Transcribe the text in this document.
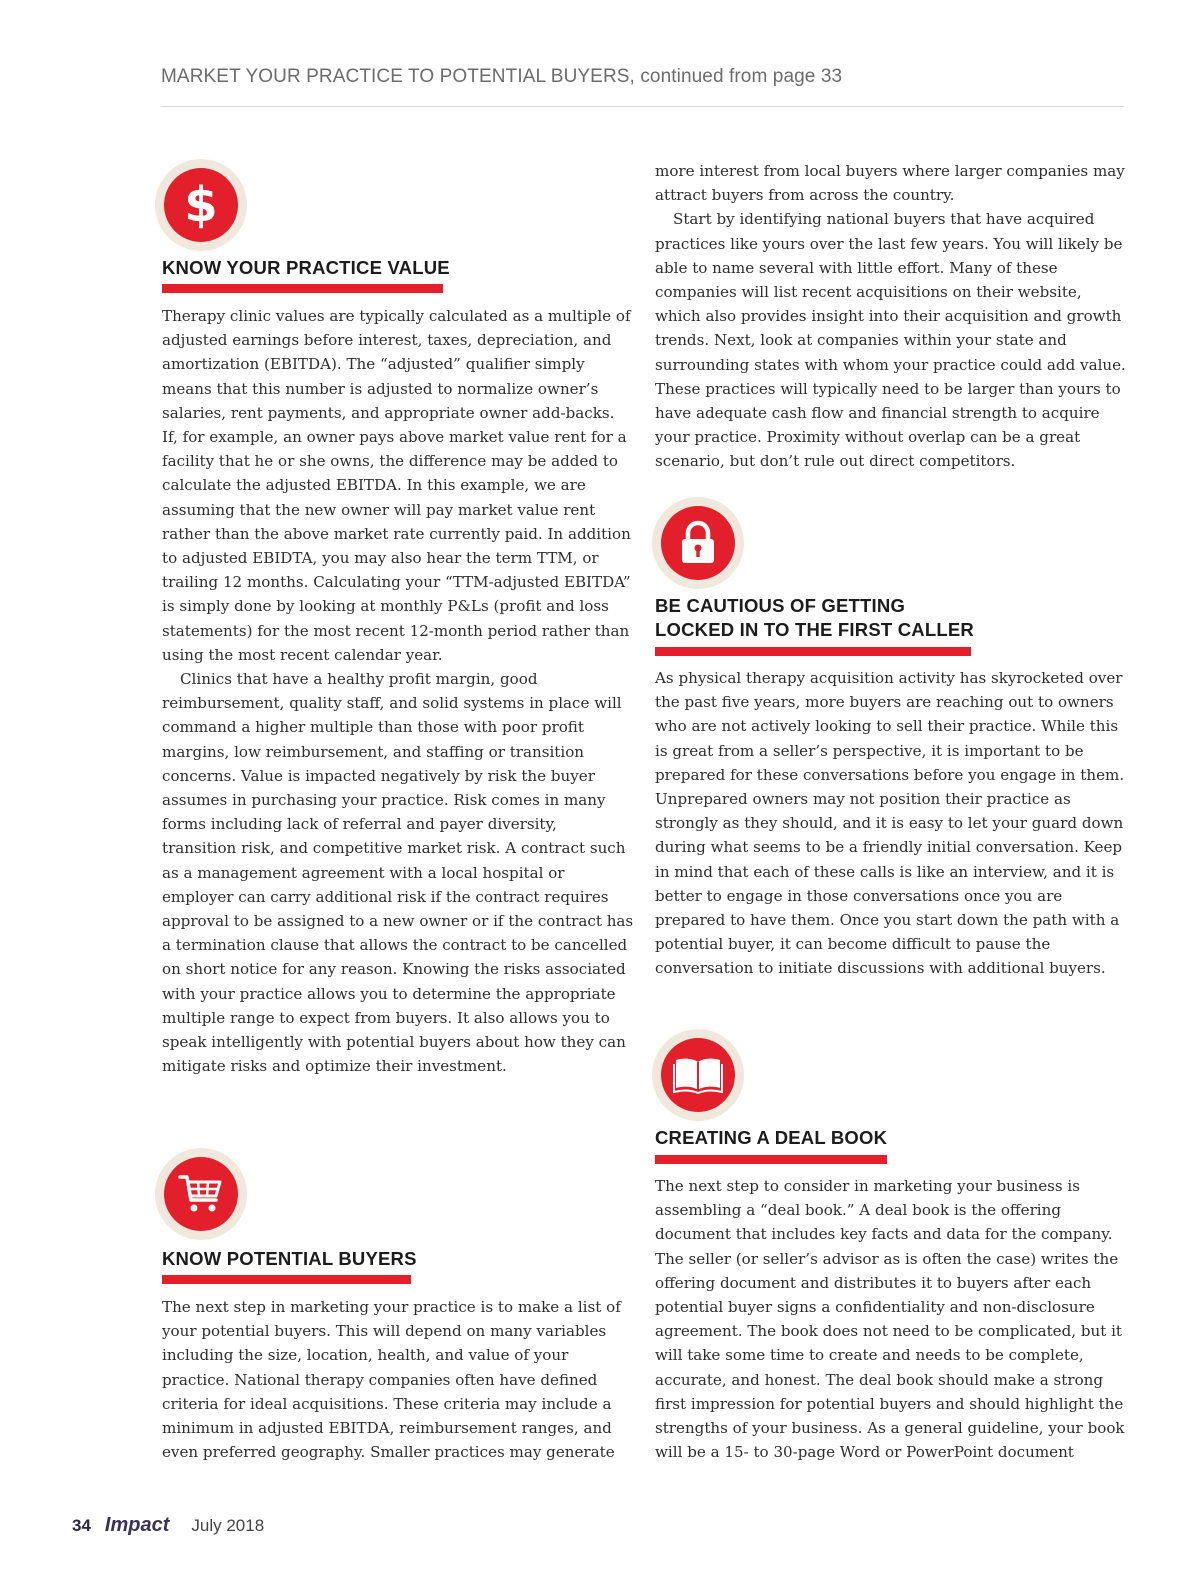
MARKET YOUR PRACTICE TO POTENTIAL BUYERS, continued from page 33
$
KNOW YOUR PRACTICE VALUE

Therapy clinic values are typically calculated as a multiple of adjusted earnings before interest, taxes, depreciation, and amortization (EBITDA). The “adjusted” qualifier simply means that this number is adjusted to normalize owner’s salaries, rent payments, and appropriate owner add-backs. If, for example, an owner pays above market value rent for a facility that he or she owns, the difference may be added to calculate the adjusted EBITDA. In this example, we are assuming that the new owner will pay market value rent rather than the above market rate currently paid. In addition to adjusted EBIDTA, you may also hear the term TTM, or trailing 12 months. Calculating your “TTM-adjusted EBITDA” is simply done by looking at monthly P&Ls (profit and loss statements) for the most recent 12-month period rather than using the most recent calendar year.

Clinics that have a healthy profit margin, good reimbursement, quality staff, and solid systems in place will command a higher multiple than those with poor profit margins, low reimbursement, and staffing or transition concerns. Value is impacted negatively by risk the buyer assumes in purchasing your practice. Risk comes in many forms including lack of referral and payer diversity, transition risk, and competitive market risk. A contract such as a management agreement with a local hospital or employer can carry additional risk if the contract requires approval to be assigned to a new owner or if the contract has a termination clause that allows the contract to be cancelled on short notice for any reason. Knowing the risks associated with your practice allows you to determine the appropriate multiple range to expect from buyers. It also allows you to speak intelligently with potential buyers about how they can mitigate risks and optimize their investment.

KNOW POTENTIAL BUYERS

The next step in marketing your practice is to make a list of your potential buyers. This will depend on many variables including the size, location, health, and value of your practice. National therapy companies often have defined criteria for ideal acquisitions. These criteria may include a minimum in adjusted EBITDA, reimbursement ranges, and even preferred geography. Smaller practices may generate

more interest from local buyers where larger companies may attract buyers from across the country.

Start by identifying national buyers that have acquired practices like yours over the last few years. You will likely be able to name several with little effort. Many of these companies will list recent acquisitions on their website, which also provides insight into their acquisition and growth trends. Next, look at companies within your state and surrounding states with whom your practice could add value. These practices will typically need to be larger than yours to have adequate cash flow and financial strength to acquire your practice. Proximity without overlap can be a great scenario, but don’t rule out direct competitors.

BE CAUTIOUS OF GETTING
LOCKED IN TO THE FIRST CALLER

As physical therapy acquisition activity has skyrocketed over the past five years, more buyers are reaching out to owners who are not actively looking to sell their practice. While this is great from a seller’s perspective, it is important to be prepared for these conversations before you engage in them. Unprepared owners may not position their practice as strongly as they should, and it is easy to let your guard down during what seems to be a friendly initial conversation. Keep in mind that each of these calls is like an interview, and it is better to engage in those conversations once you are prepared to have them. Once you start down the path with a potential buyer, it can become difficult to pause the conversation to initiate discussions with additional buyers.

CREATING A DEAL BOOK

The next step to consider in marketing your business is assembling a “deal book.” A deal book is the offering document that includes key facts and data for the company. The seller (or seller’s advisor as is often the case) writes the offering document and distributes it to buyers after each potential buyer signs a confidentiality and non-disclosure agreement. The book does not need to be complicated, but it will take some time to create and needs to be complete, accurate, and honest. The deal book should make a strong first impression for potential buyers and should highlight the strengths of your business. As a general guideline, your book will be a 15- to 30-page Word or PowerPoint document

34 Impact July 2018
